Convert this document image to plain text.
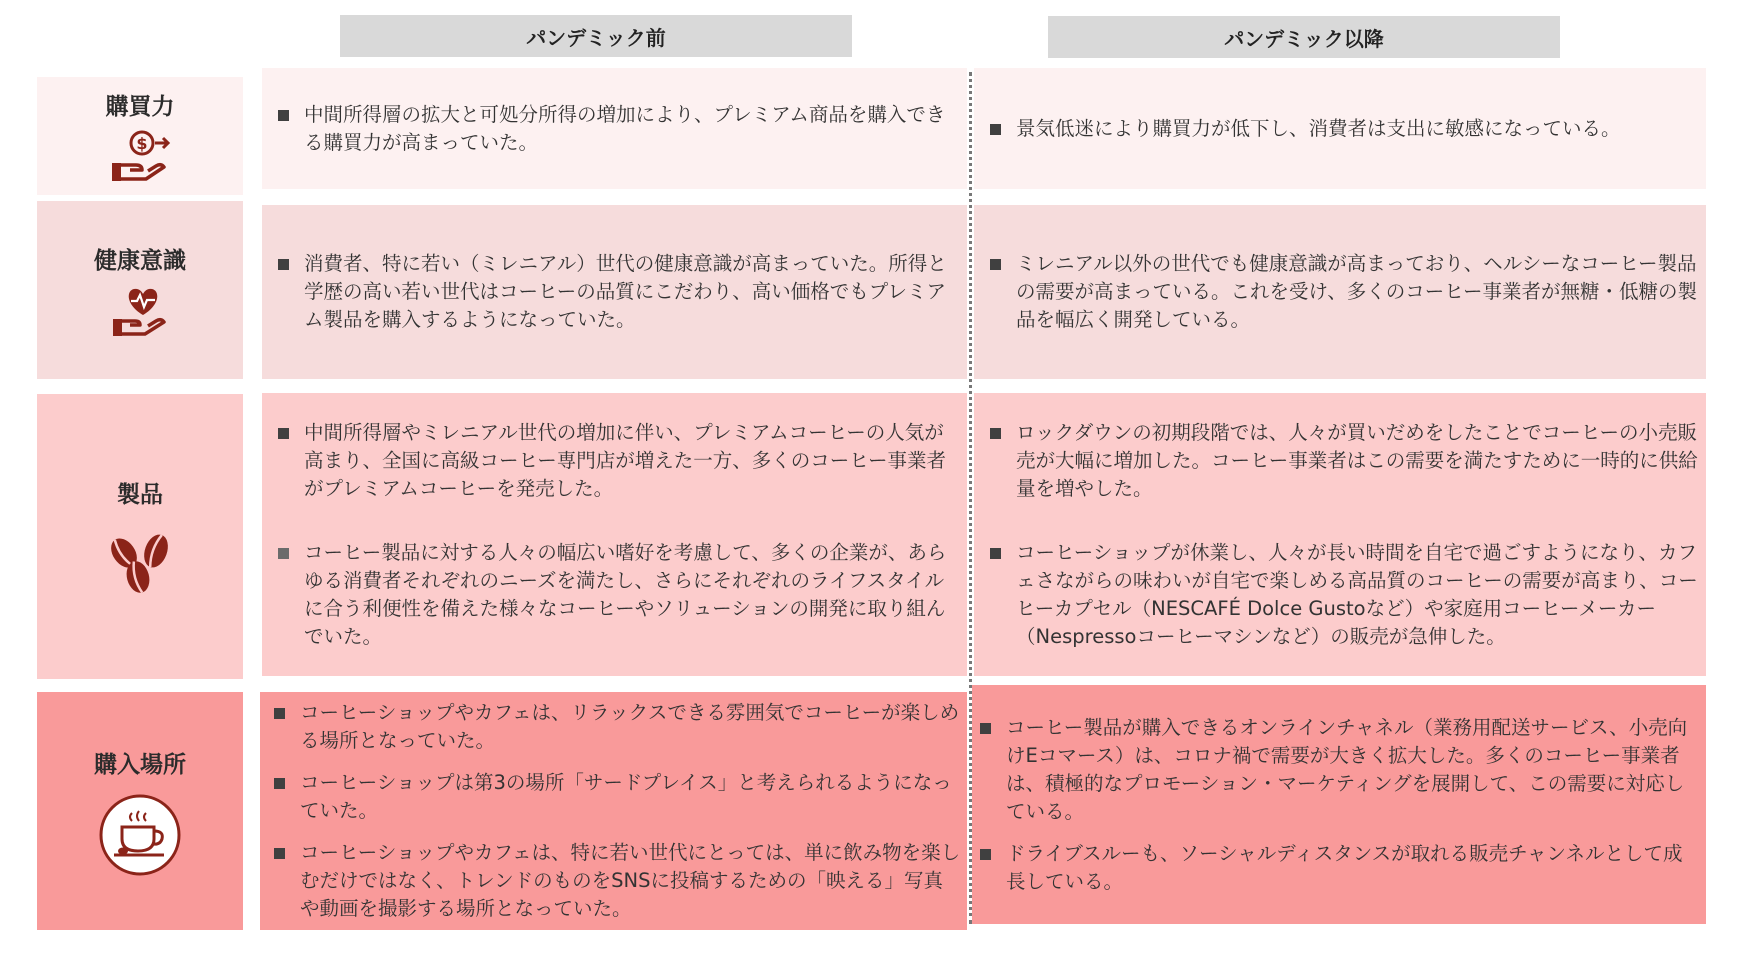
パンデミック前	パンデミック以降
購買力
$
中間所得層の拡大と可処分所得の増加により、プレミアム商品を購入できる購買力が高まっていた。
景気低迷により購買力が低下し、消費者は支出に敏感になっている。
健康意識	消費者、特に若い（ミレニアル）世代の健康意識が高まっていた。所得と学歴の高い若い世代はコーヒーの品質にこだわり、高い価格でもプレミアム製品を購入するようになっていた。
ミレニアル以外の世代でも健康意識が高まっており、ヘルシーなコーヒー製品の需要が高まっている。これを受け、多くのコーヒー事業者が無糖・低糖の製品を幅広く開発している。
製品
中間所得層やミレニアル世代の増加に伴い、プレミアムコーヒーの人気が高まり、全国に高級コーヒー専門店が増えた一方、多くのコーヒー事業者がプレミアムコーヒーを発売した。
コーヒー製品に対する人々の幅広い嗜好を考慮して、多くの企業が、あらゆる消費者それぞれのニーズを満たし、さらにそれぞれのライフスタイルに合う利便性を備えた様々なコーヒーやソリューションの開発に取り組んでいた。
ロックダウンの初期段階では、人々が買いだめをしたことでコーヒーの小売販売が大幅に増加した。コーヒー事業者はこの需要を満たすために一時的に供給量を増やした。
コーヒーショップが休業し、人々が長い時間を自宅で過ごすようになり、カフェさながらの味わいが自宅で楽しめる高品質のコーヒーの需要が高まり、コーヒーカプセル（NESCAFÉ Dolce Gustoなど）や家庭用コーヒーメーカー（Nespressoコーヒーマシンなど）の販売が急伸した。
購入場所
コーヒーショップやカフェは、リラックスできる雰囲気でコーヒーが楽しめる場所となっていた。
コーヒーショップは第3の場所「サードプレイス」と考えられるようになっていた。
コーヒーショップやカフェは、特に若い世代にとっては、単に飲み物を楽しむだけではなく、トレンドのものをSNSに投稿するための「映える」写真や動画を撮影する場所となっていた。
コーヒー製品が購入できるオンラインチャネル（業務用配送サービス、小売向けEコマース）は、コロナ禍で需要が大きく拡大した。多くのコーヒー事業者は、積極的なプロモーション・マーケティングを展開して、この需要に対応している。
ドライブスルーも、ソーシャルディスタンスが取れる販売チャンネルとして成長している。
